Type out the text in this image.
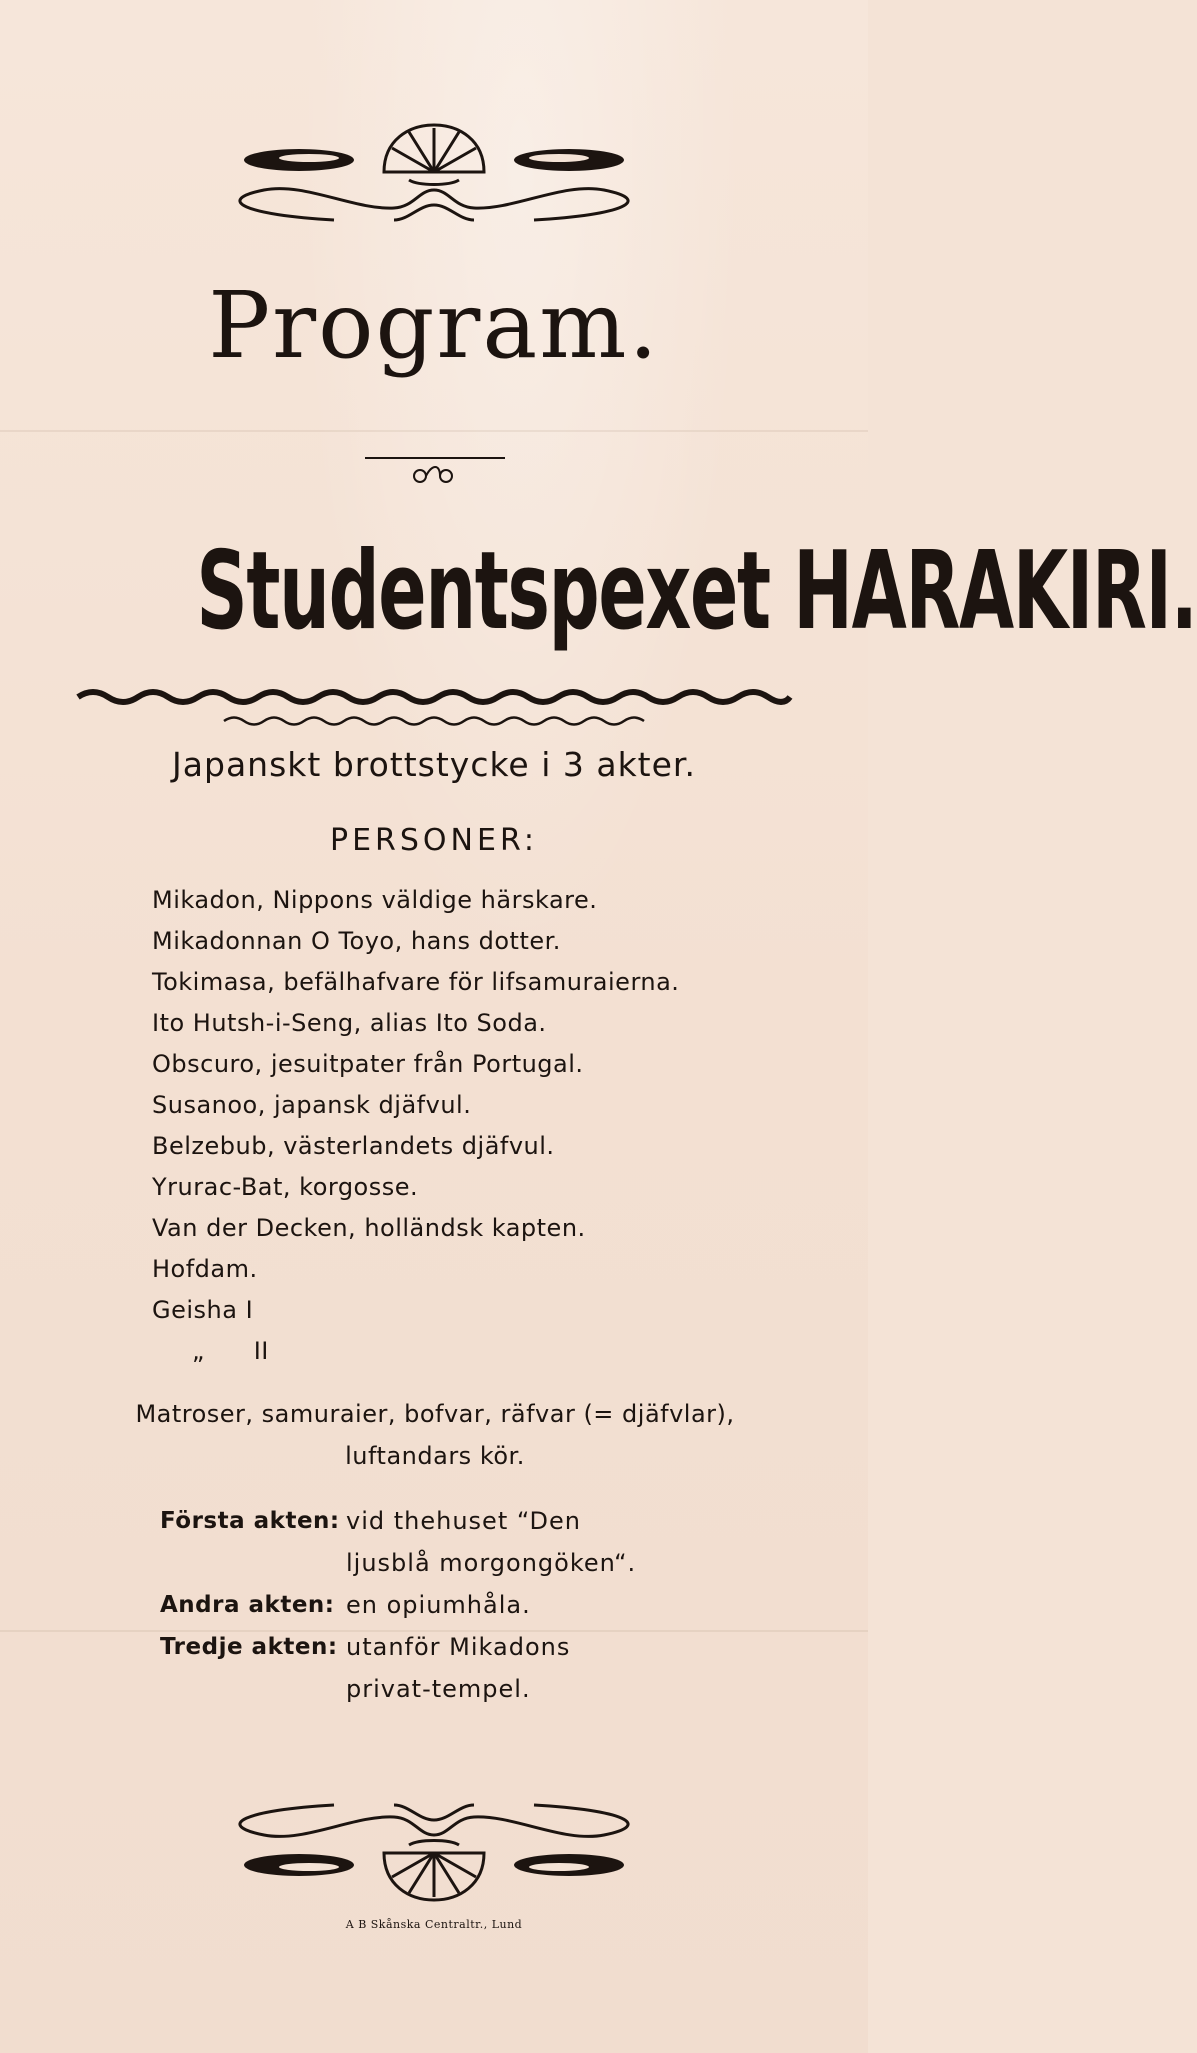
Program.
Studentspexet HARAKIRI.
Japanskt brottstycke i 3 akter.
PERSONER:
Mikadon, Nippons väldige härskare.
Mikadonnan O Toyo, hans dotter.
Tokimasa, befälhafvare för lifsamuraierna.
Ito Hutsh-i-Seng, alias Ito Soda.
Obscuro, jesuitpater från Portugal.
Susanoo, japansk djäfvul.
Belzebub, västerlandets djäfvul.
Yrurac-Bat, korgosse.
Van der Decken, holländsk kapten.
Hofdam.
Geisha I
„      II
Matroser, samuraier, bofvar, räfvar (= djäfvlar), luftandars kör.
Första akten: vid thehuset “Den ljusblå morgongöken“.
Andra akten: en opiumhåla.
Tredje akten: utanför Mikadons privat-tempel.
A B Skånska Centraltr., Lund
